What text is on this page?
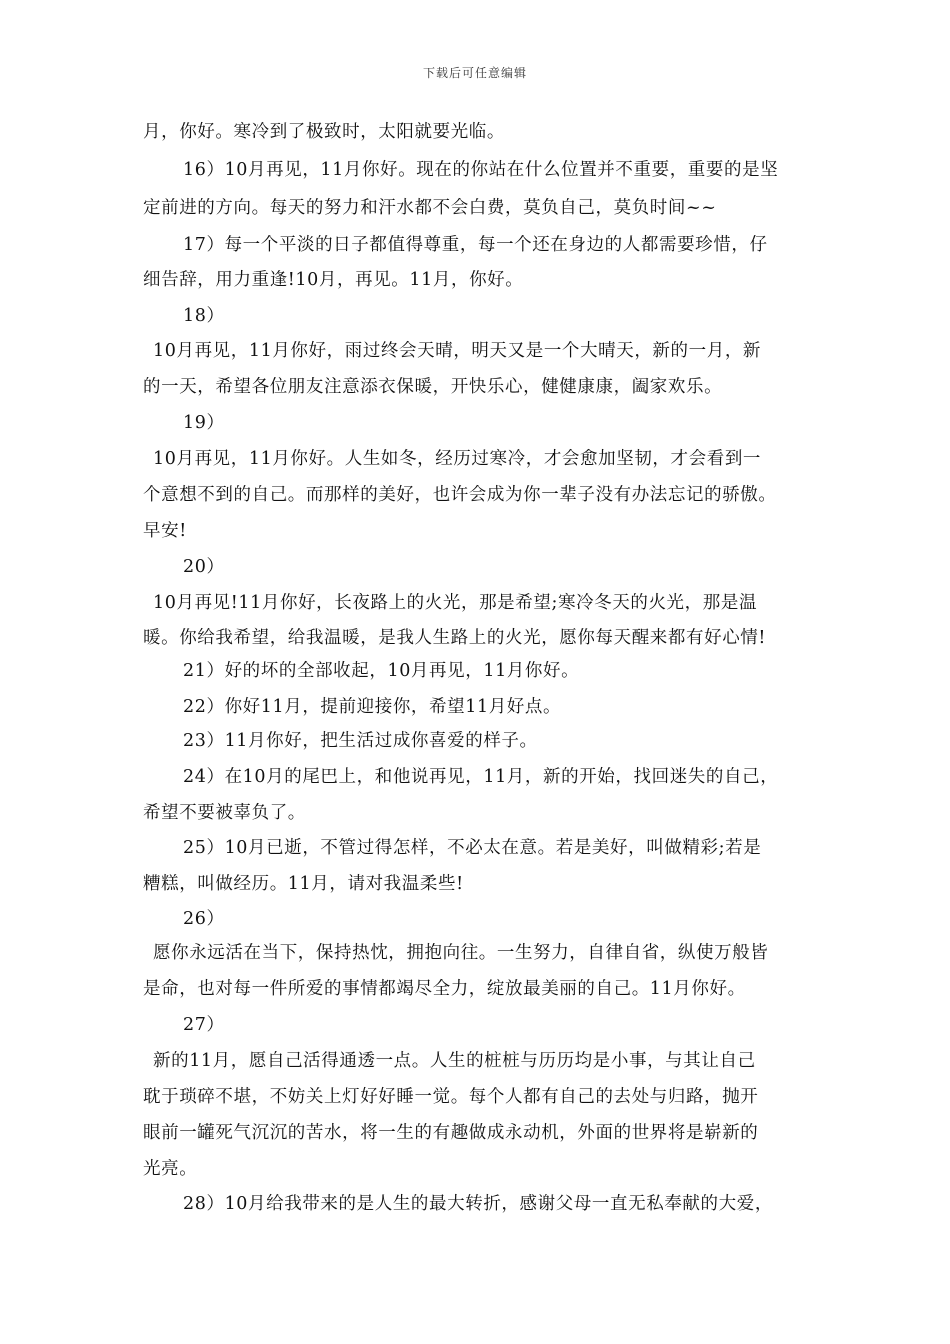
下载后可任意编辑
月，你好。寒冷到了极致时，太阳就要光临。
16）10月再见，11月你好。现在的你站在什么位置并不重要，重要的是坚
定前进的方向。每天的努力和汗水都不会白费，莫负自己，莫负时间~~
17）每一个平淡的日子都值得尊重，每一个还在身边的人都需要珍惜，仔
细告辞，用力重逢!10月，再见。11月，你好。
18）
10月再见，11月你好，雨过终会天晴，明天又是一个大晴天，新的一月，新
的一天，希望各位朋友注意添衣保暖，开快乐心，健健康康，阖家欢乐。
19）
10月再见，11月你好。人生如冬，经历过寒冷，才会愈加坚韧，才会看到一
个意想不到的自己。而那样的美好，也许会成为你一辈子没有办法忘记的骄傲。
早安!
20）
10月再见!11月你好，长夜路上的火光，那是希望;寒冷冬天的火光，那是温
暖。你给我希望，给我温暖，是我人生路上的火光，愿你每天醒来都有好心情!
21）好的坏的全部收起，10月再见，11月你好。
22）你好11月，提前迎接你，希望11月好点。
23）11月你好，把生活过成你喜爱的样子。
24）在10月的尾巴上，和他说再见，11月，新的开始，找回迷失的自己，
希望不要被辜负了。
25）10月已逝，不管过得怎样，不必太在意。若是美好，叫做精彩;若是
糟糕，叫做经历。11月，请对我温柔些!
26）
愿你永远活在当下，保持热忱，拥抱向往。一生努力，自律自省，纵使万般皆
是命，也对每一件所爱的事情都竭尽全力，绽放最美丽的自己。11月你好。
27）
新的11月，愿自己活得通透一点。人生的桩桩与历历均是小事，与其让自己
耽于琐碎不堪，不妨关上灯好好睡一觉。每个人都有自己的去处与归路，抛开
眼前一罐死气沉沉的苦水，将一生的有趣做成永动机，外面的世界将是崭新的
光亮。
28）10月给我带来的是人生的最大转折，感谢父母一直无私奉献的大爱，
